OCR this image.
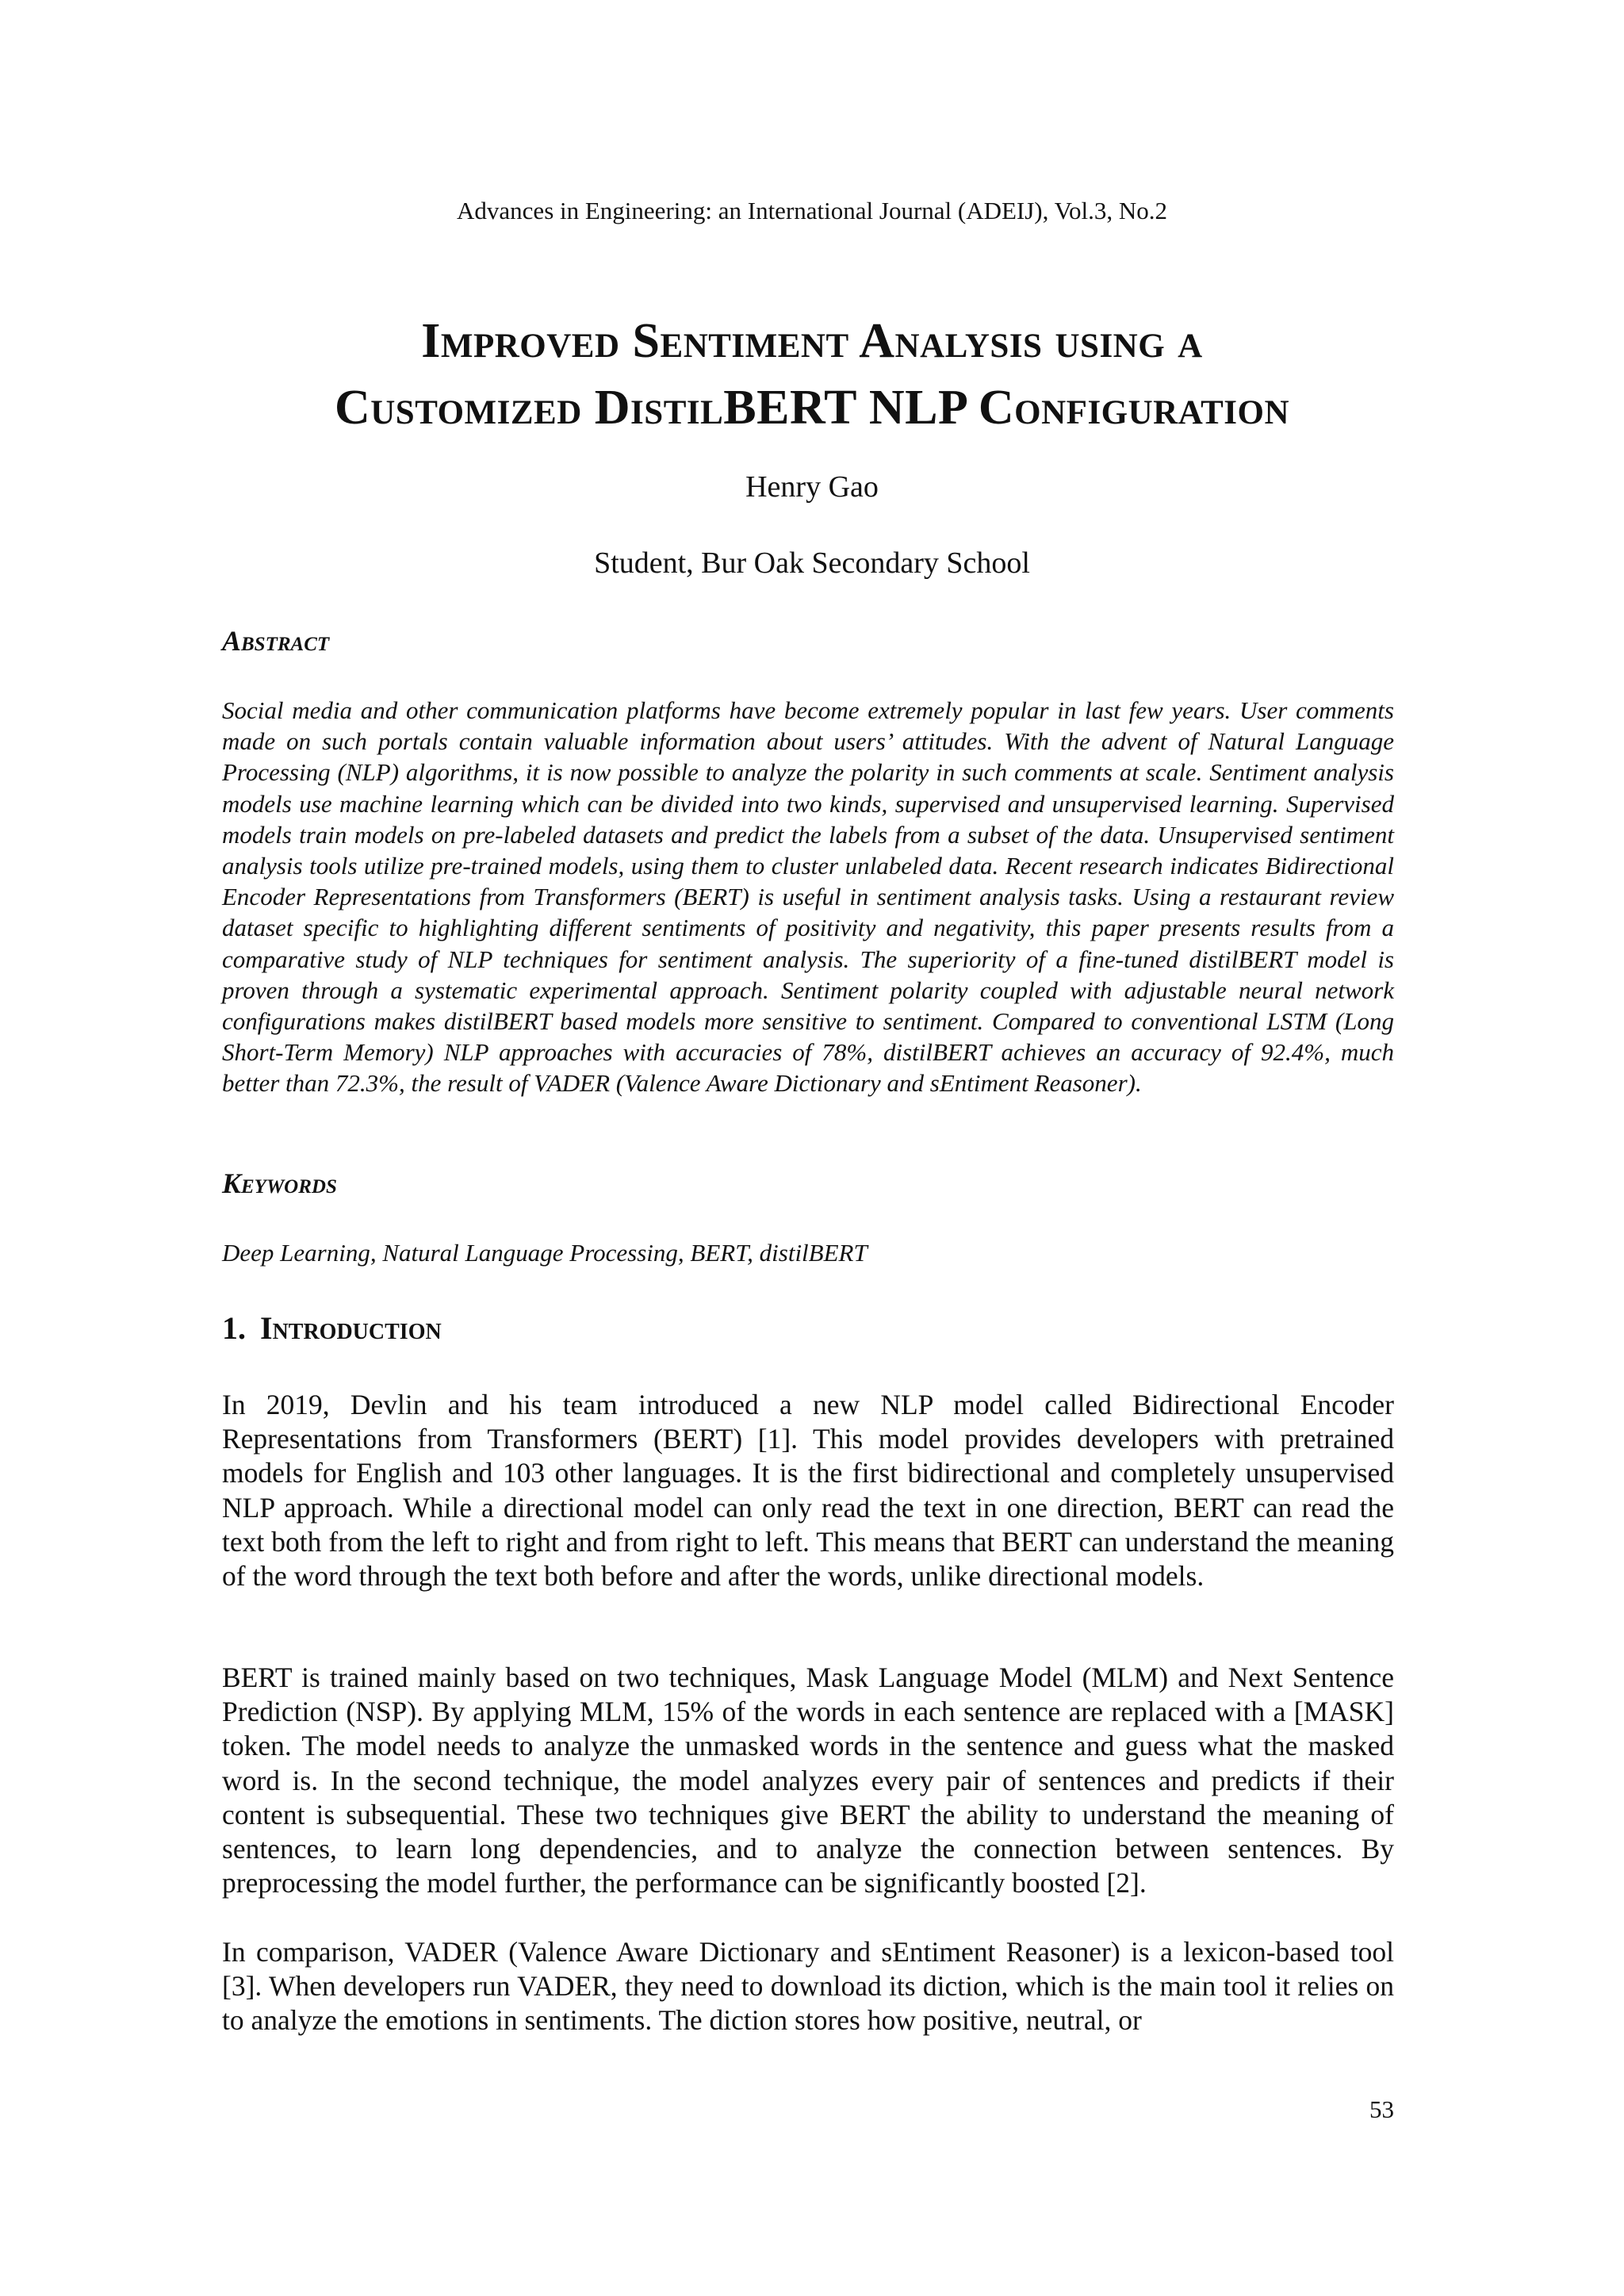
Advances in Engineering: an International Journal (ADEIJ), Vol.3, No.2
Improved Sentiment Analysis using a
Customized DistilBERT NLP Configuration
Henry Gao
Student, Bur Oak Secondary School
Abstract
Social media and other communication platforms have become extremely popular in last few years. User comments made on such portals contain valuable information about users’ attitudes. With the advent of Natural Language Processing (NLP) algorithms, it is now possible to analyze the polarity in such comments at scale. Sentiment analysis models use machine learning which can be divided into two kinds, supervised and unsupervised learning. Supervised models train models on pre-labeled datasets and predict the labels from a subset of the data. Unsupervised sentiment analysis tools utilize pre-trained models, using them to cluster unlabeled data. Recent research indicates Bidirectional Encoder Representations from Transformers (BERT) is useful in sentiment analysis tasks. Using a restaurant review dataset specific to highlighting different sentiments of positivity and negativity, this paper presents results from a comparative study of NLP techniques for sentiment analysis. The superiority of a fine-tuned distilBERT model is proven through a systematic experimental approach. Sentiment polarity coupled with adjustable neural network configurations makes distilBERT based models more sensitive to sentiment. Compared to conventional LSTM (Long Short-Term Memory) NLP approaches with accuracies of 78%, distilBERT achieves an accuracy of 92.4%, much better than 72.3%, the result of VADER (Valence Aware Dictionary and sEntiment Reasoner).
Keywords
Deep Learning, Natural Language Processing, BERT, distilBERT
1. Introduction
In 2019, Devlin and his team introduced a new NLP model called Bidirectional Encoder Representations from Transformers (BERT) [1]. This model provides developers with pretrained models for English and 103 other languages. It is the first bidirectional and completely unsupervised NLP approach. While a directional model can only read the text in one direction, BERT can read the text both from the left to right and from right to left. This means that BERT can understand the meaning of the word through the text both before and after the words, unlike directional models.
BERT is trained mainly based on two techniques, Mask Language Model (MLM) and Next Sentence Prediction (NSP). By applying MLM, 15% of the words in each sentence are replaced with a [MASK] token. The model needs to analyze the unmasked words in the sentence and guess what the masked word is. In the second technique, the model analyzes every pair of sentences and predicts if their content is subsequential. These two techniques give BERT the ability to understand the meaning of sentences, to learn long dependencies, and to analyze the connection between sentences. By preprocessing the model further, the performance can be significantly boosted [2].
In comparison, VADER (Valence Aware Dictionary and sEntiment Reasoner) is a lexicon-based tool [3]. When developers run VADER, they need to download its diction, which is the main tool it relies on to analyze the emotions in sentiments. The diction stores how positive, neutral, or
53
